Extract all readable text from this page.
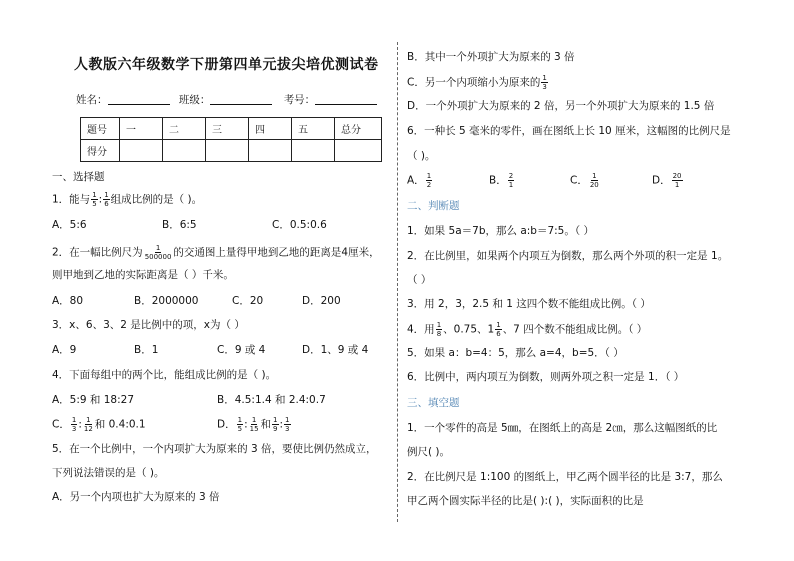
人教版六年级数学下册第四单元拔尖培优测试卷
姓名：	班级：	考号：
题号	一	二	三	四	五	总分
得分						
一、选择题
1．能与 $\frac{1}{5}$ : $\frac{1}{6}$ 组成比例的是（ )。
A．5:6	B．6:5	C．0.5:0.6
2．在一幅比例尺为 $\frac{1}{500000}$ 的交通图上量得甲地到乙地的距离是4厘米，
则甲地到乙地的实际距离是（ ）千米。
A．80	B．2000000	C．20	D．200
3．x、6、3、2 是比例中的项，x为（ ）
A．9	B．1	C．9 或 4	D．1、9 或 4
4．下面每组中的两个比，能组成比例的是（ )。
A．5:9 和 18:27	B．4.5:1.4 和 2.4:0.7
C． $\frac{1}{3}$ : $\frac{1}{12}$ 和 0.4:0.1	D． $\frac{1}{5}$ : $\frac{1}{15}$ 和 $\frac{1}{9}$ : $\frac{1}{3}$
5．在一个比例中，一个内项扩大为原来的 3 倍，要使比例仍然成立，
下列说法错误的是（ )。
A．另一个内项也扩大为原来的 3 倍
B．其中一个外项扩大为原来的 3 倍
C．另一个内项缩小为原来的 $\frac{1}{3}$
D．一个外项扩大为原来的 2 倍，另一个外项扩大为原来的 1.5 倍
6．一种长 5 毫米的零件，画在图纸上长 10 厘米，这幅图的比例尺是
（ )。
A． $\frac{1}{2}$	B． $\frac{2}{1}$	C． $\frac{1}{20}$	D． $\frac{20}{1}$
二、判断题
1．如果 5a＝7b，那么 a:b＝7:5。（ ）
2．在比例里，如果两个内项互为倒数，那么两个外项的积一定是 1。
（ ）
3．用 2，3，2.5 和 1 这四个数不能组成比例。（ ）
4．用 $\frac{1}{8}$ 、0.75、$1 \frac{1}{6}$ 、7 四个数不能组成比例。（ ）
5．如果 a：b=4：5，那么 a=4，b=5．（ ）
6．比例中，两内项互为倒数，则两外项之积一定是 1．（ ）
三、填空题
1．一个零件的高是 5㎜，在图纸上的高是 2㎝，那么这幅图纸的比
例尺( )。
2．在比例尺是 1:100 的图纸上，甲乙两个圆半径的比是 3:7，那么
甲乙两个圆实际半径的比是( ):( )，实际面积的比是
